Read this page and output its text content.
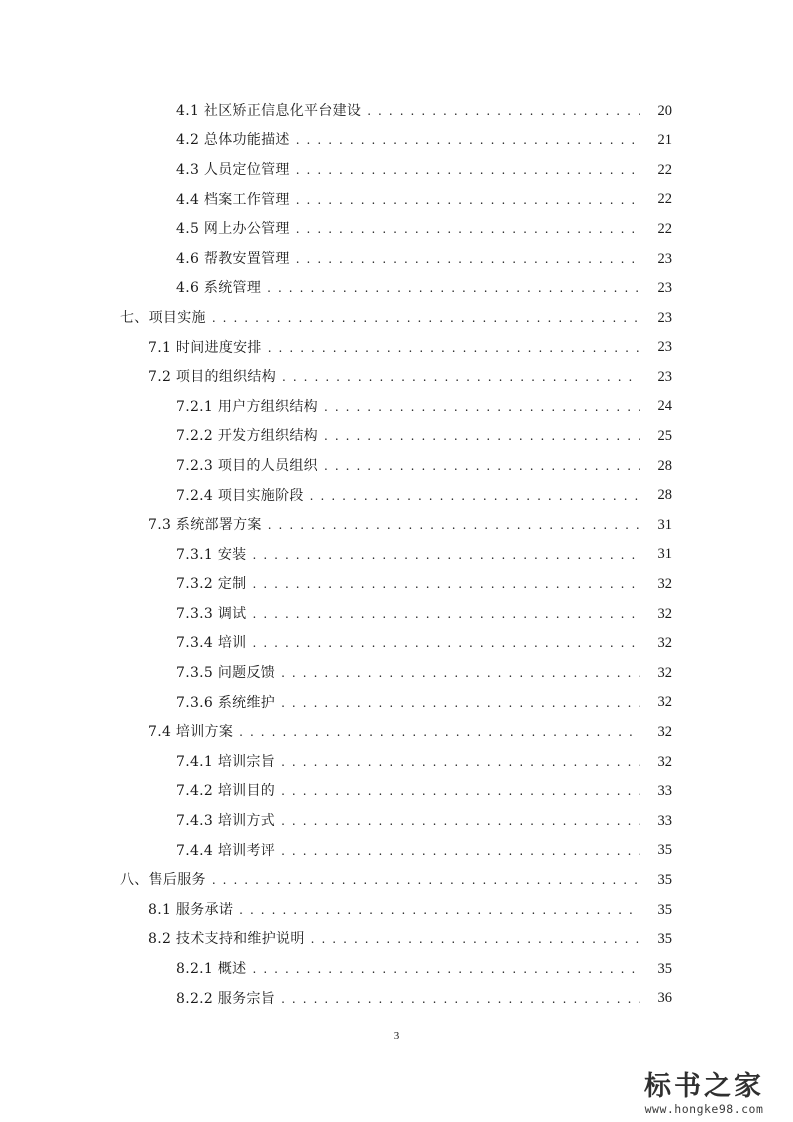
4.1 社区矫正信息化平台建设 . . .	20
4.2 总体功能描述 . . .	21
4.3 人员定位管理 . . .	22
4.4 档案工作管理 . . .	22
4.5 网上办公管理 . . .	22
4.6 帮教安置管理 . . .	23
4.6 系统管理 . . .	23
七、项目实施 . . .	23
7.1 时间进度安排 . . .	23
7.2 项目的组织结构 . . .	23
7.2.1 用户方组织结构 . . .	24
7.2.2 开发方组织结构 . . .	25
7.2.3 项目的人员组织 . . .	28
7.2.4 项目实施阶段 . . .	28
7.3 系统部署方案 . . .	31
7.3.1 安装 . . .	31
7.3.2 定制 . . .	32
7.3.3 调试 . . .	32
7.3.4 培训 . . .	32
7.3.5 问题反馈 . . .	32
7.3.6 系统维护 . . .	32
7.4 培训方案 . . .	32
7.4.1 培训宗旨 . . .	32
7.4.2 培训目的 . . .	33
7.4.3 培训方式 . . .	33
7.4.4 培训考评 . . .	35
八、售后服务 . . .	35
8.1 服务承诺 . . .	35
8.2 技术支持和维护说明 . . .	35
8.2.1 概述 . . .	35
8.2.2 服务宗旨 . . .	36
3
标书之家
www.hongke98.com
